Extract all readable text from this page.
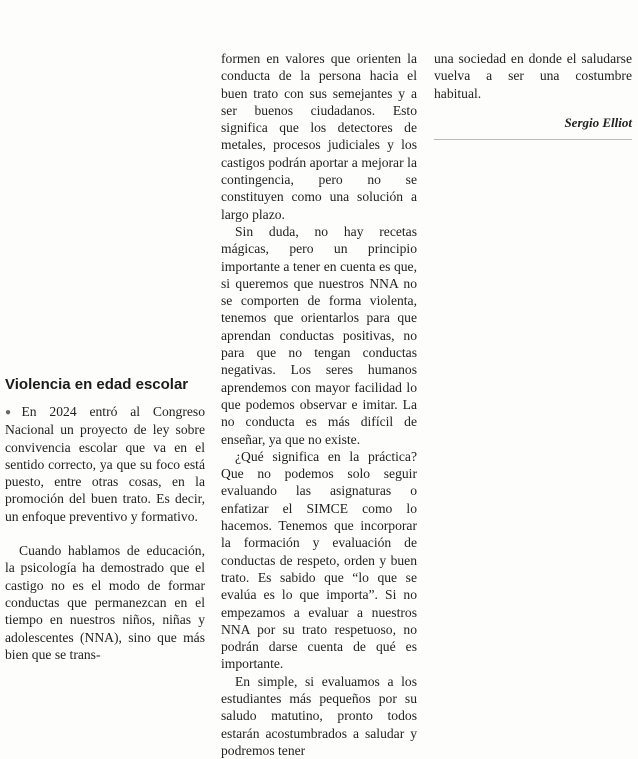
Violencia en edad escolar

●En 2024 entró al Congreso Nacional un proyecto de ley sobre convivencia escolar que va en el sentido correcto, ya que su foco está puesto, entre otras cosas, en la promoción del buen trato. Es decir, un enfoque preventivo y formativo.

Cuando hablamos de educación, la psicología ha demostrado que el castigo no es el modo de formar conductas que permanezcan en el tiempo en nuestros niños, niñas y adolescentes (NNA), sino que más bien que se trans-

formen en valores que orienten la conducta de la persona hacia el buen trato con sus semejantes y a ser buenos ciudadanos. Esto significa que los detectores de metales, procesos judiciales y los castigos podrán aportar a mejorar la contingencia, pero no se constituyen como una solución a largo plazo.

Sin duda, no hay recetas mágicas, pero un principio importante a tener en cuenta es que, si queremos que nuestros NNA no se comporten de forma violenta, tenemos que orientarlos para que aprendan conductas positivas, no para que no tengan conductas negativas. Los seres humanos aprendemos con mayor facilidad lo que podemos observar e imitar. La no conducta es más difícil de enseñar, ya que no existe.

¿Qué significa en la práctica? Que no podemos solo seguir evaluando las asignaturas o enfatizar el SIMCE como lo hacemos. Tenemos que incorporar la formación y evaluación de conductas de respeto, orden y buen trato. Es sabido que “lo que se evalúa es lo que importa”. Si no empezamos a evaluar a nuestros NNA por su trato respetuoso, no podrán darse cuenta de qué es importante.

En simple, si evaluamos a los estudiantes más pequeños por su saludo matutino, pronto todos estarán acostumbrados a saludar y podremos tener

una sociedad en donde el saludarse vuelva a ser una costumbre habitual.

Sergio Elliot
